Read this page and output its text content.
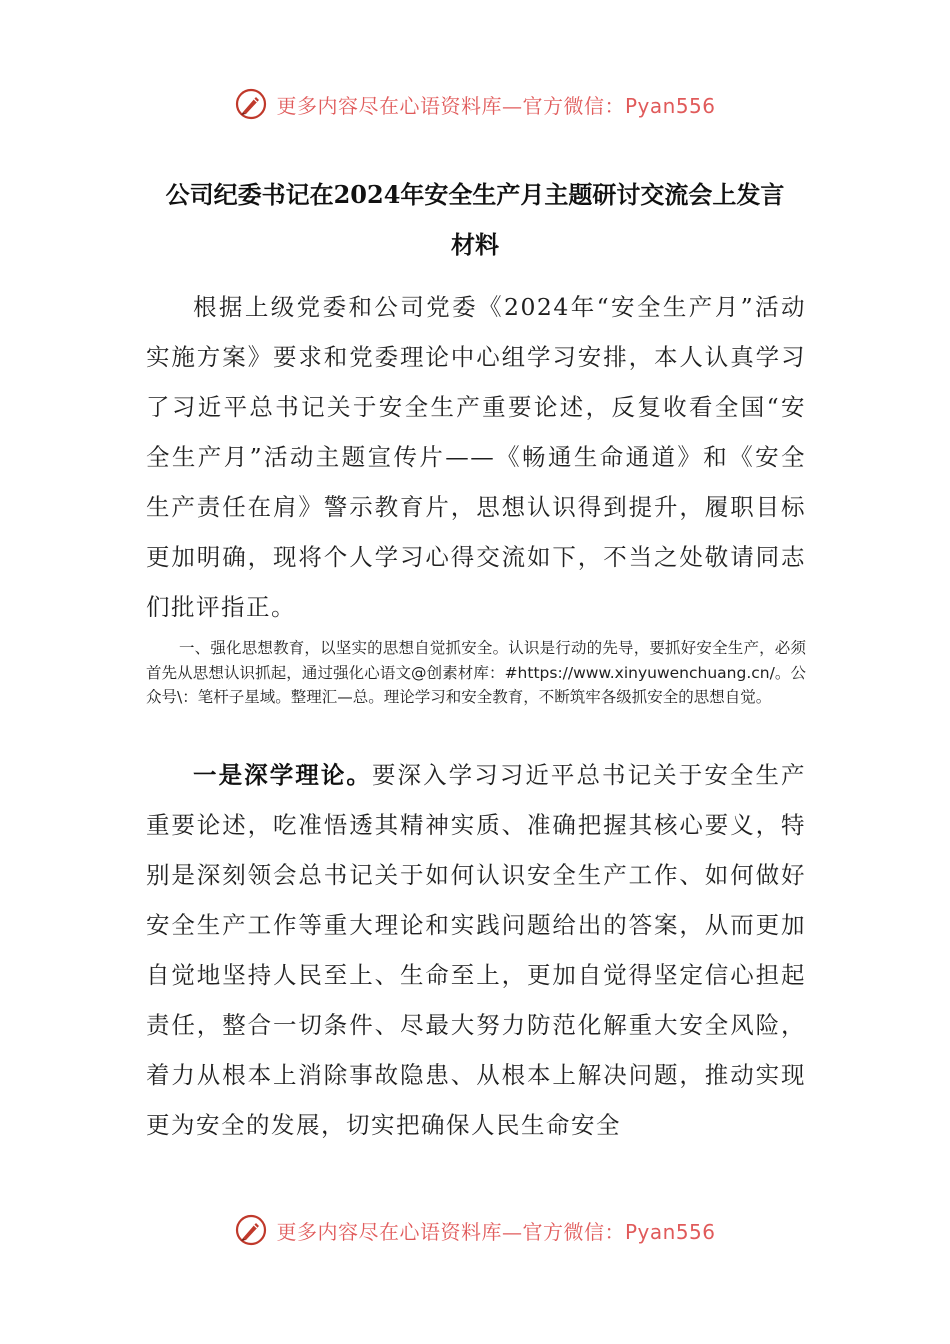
更多内容尽在心语资料库—官方微信：Pyan556
公司纪委书记在2024年安全生产月主题研讨交流会上发言
材料

根据上级党委和公司党委《2024年“安全生产月”活动实施方案》要求和党委理论中心组学习安排，本人认真学习了习近平总书记关于安全生产重要论述，反复收看全国“安全生产月”活动主题宣传片——《畅通生命通道》和《安全生产责任在肩》警示教育片，思想认识得到提升，履职目标更加明确，现将个人学习心得交流如下，不当之处敬请同志们批评指正。

一、强化思想教育，以坚实的思想自觉抓安全。认识是行动的先导，要抓好安全生产，必须首先从思想认识抓起，通过强化心语文@创素材库：#https://www.xinyuwenchuang.cn/。公众号\：笔杆子星域。整理汇—总。理论学习和安全教育，不断筑牢各级抓安全的思想自觉。

一是深学理论。要深入学习习近平总书记关于安全生产重要论述，吃准悟透其精神实质、准确把握其核心要义，特别是深刻领会总书记关于如何认识安全生产工作、如何做好安全生产工作等重大理论和实践问题给出的答案，从而更加自觉地坚持人民至上、生命至上，更加自觉得坚定信心担起责任，整合一切条件、尽最大努力防范化解重大安全风险，着力从根本上消除事故隐患、从根本上解决问题，推动实现更为安全的发展，切实把确保人民生命安全

更多内容尽在心语资料库—官方微信：Pyan556
